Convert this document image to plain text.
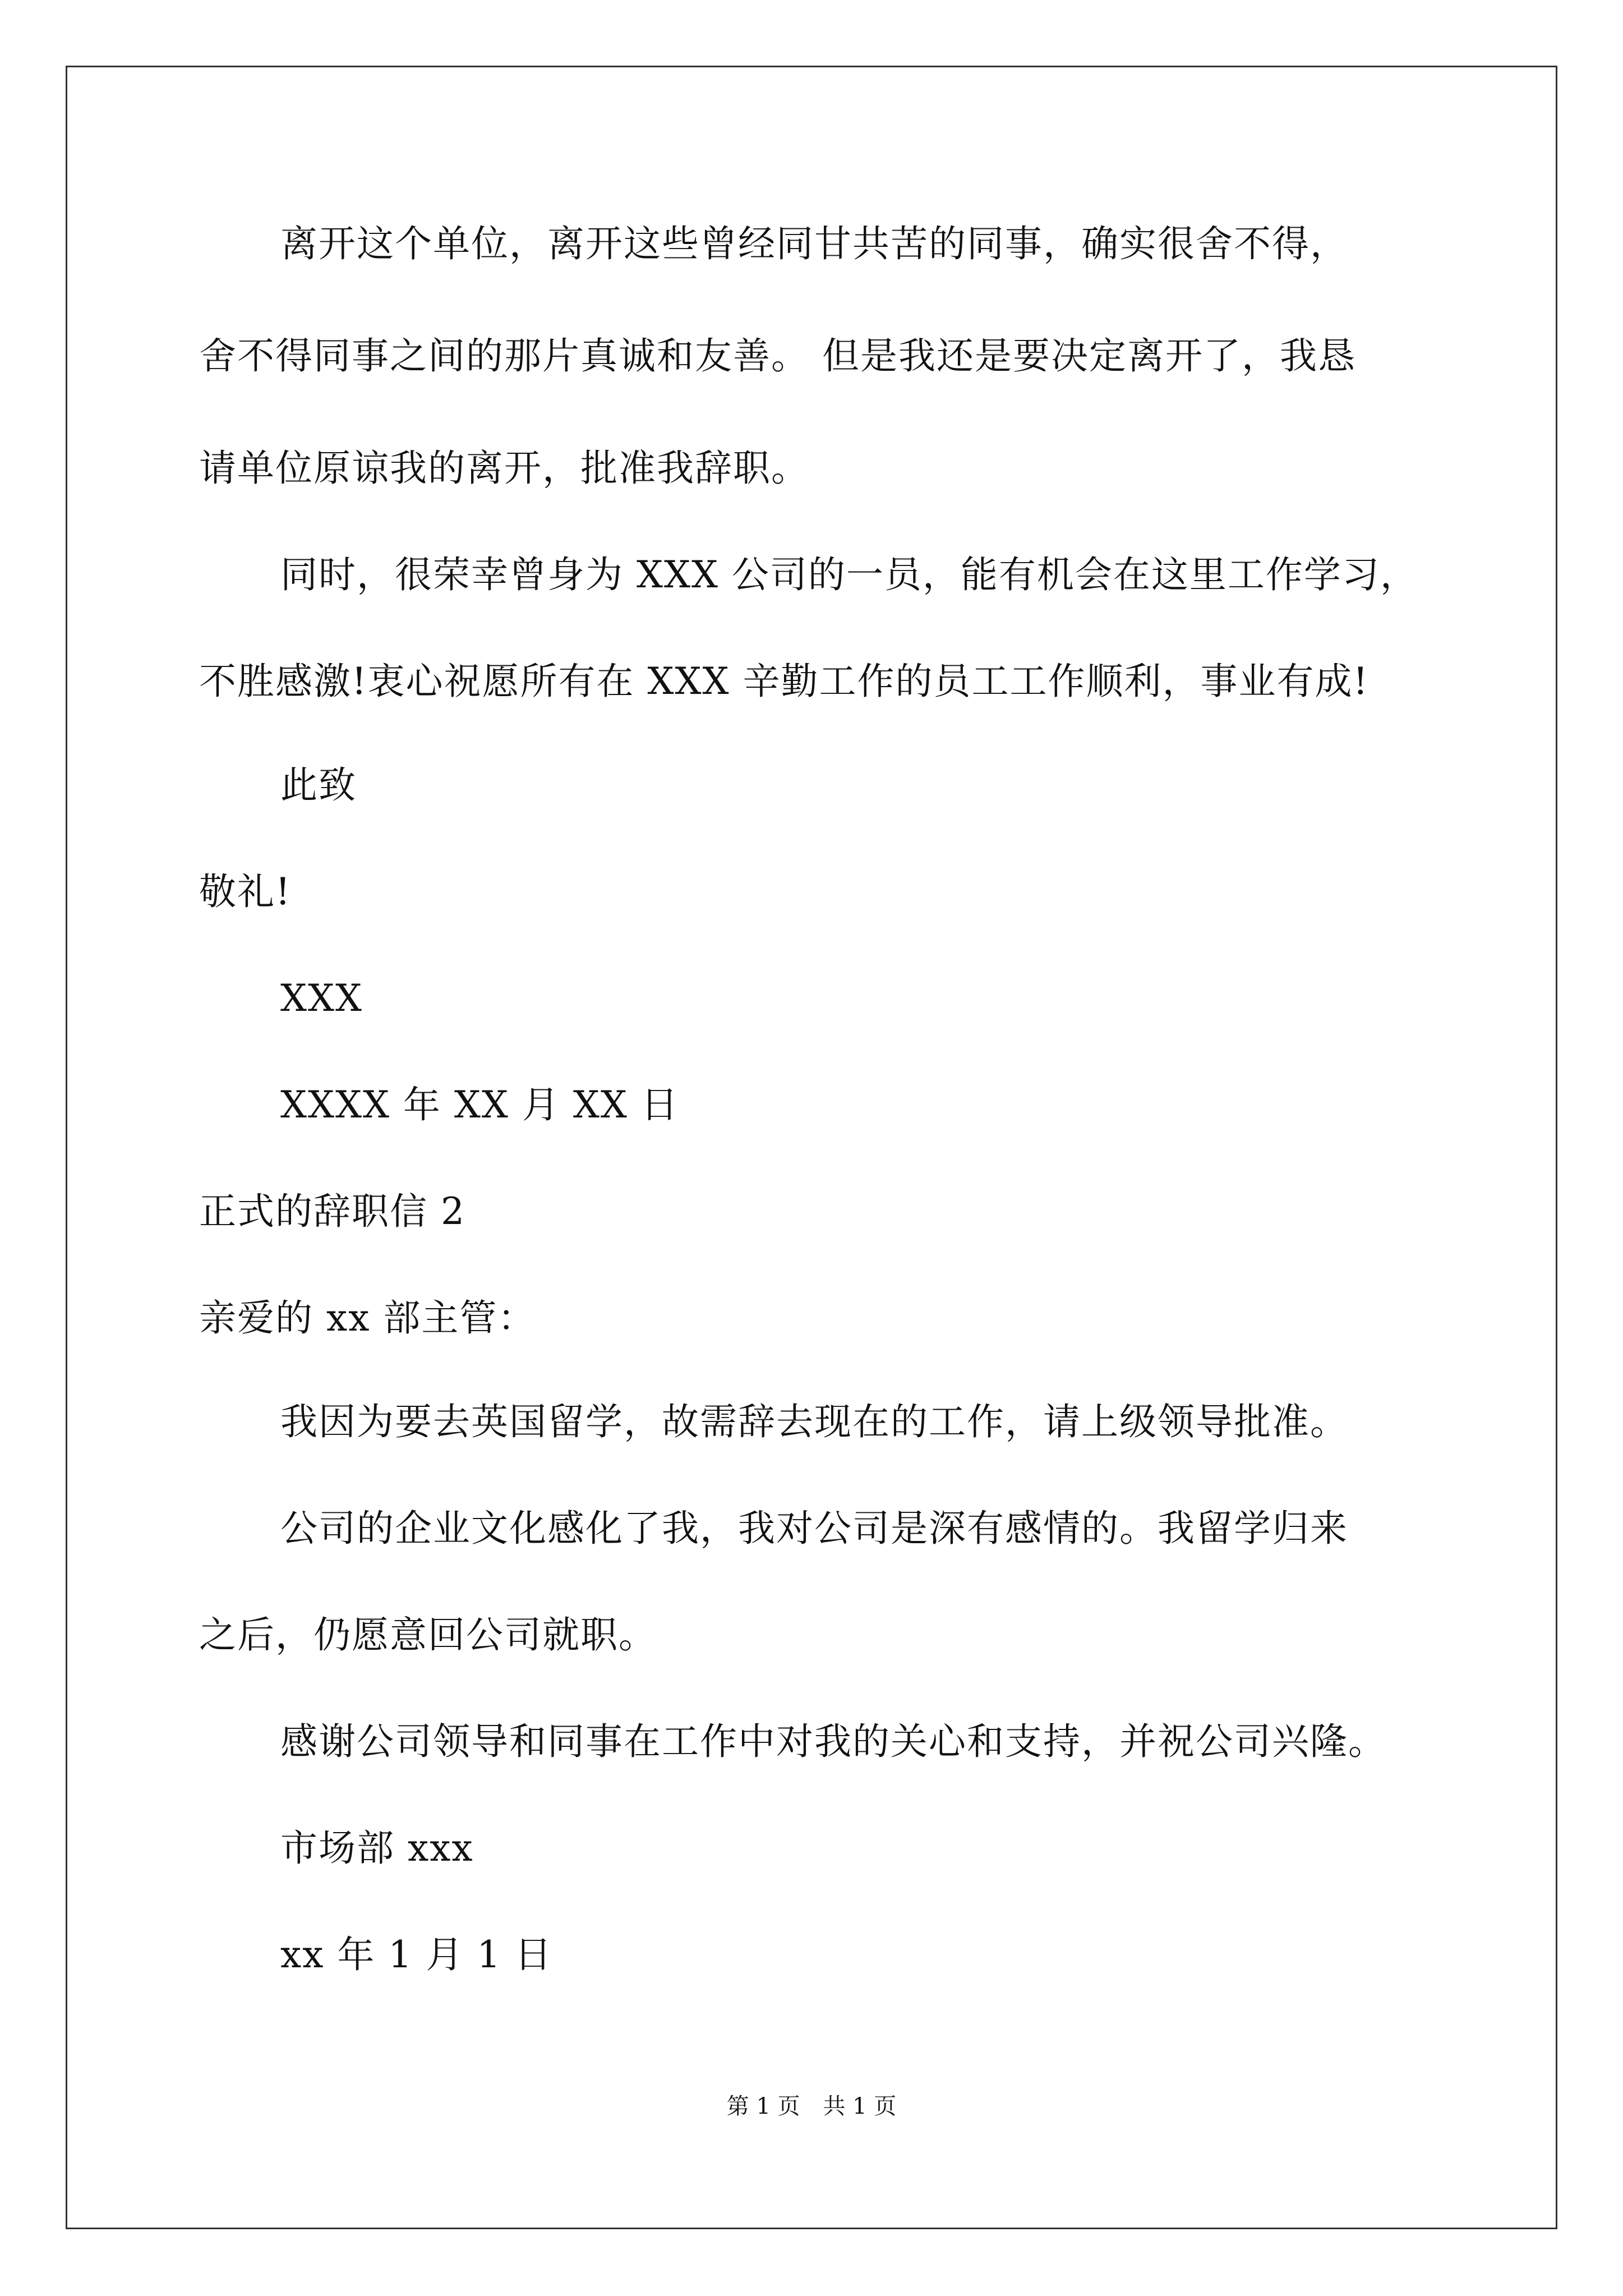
离开这个单位，离开这些曾经同甘共苦的同事，确实很舍不得，
舍不得同事之间的那片真诚和友善。 但是我还是要决定离开了，我恳
请单位原谅我的离开，批准我辞职。
同时，很荣幸曾身为 XXX 公司的一员，能有机会在这里工作学习，
不胜感激!衷心祝愿所有在 XXX 辛勤工作的员工工作顺利，事业有成!
此致
敬礼!
XXX
XXXX 年 XX 月 XX 日
正式的辞职信 2
亲爱的 xx 部主管：
我因为要去英国留学，故需辞去现在的工作，请上级领导批准。
公司的企业文化感化了我，我对公司是深有感情的。我留学归来
之后，仍愿意回公司就职。
感谢公司领导和同事在工作中对我的关心和支持，并祝公司兴隆。
市场部 xxx
xx 年 1 月 1 日
第 1 页 共 1 页
